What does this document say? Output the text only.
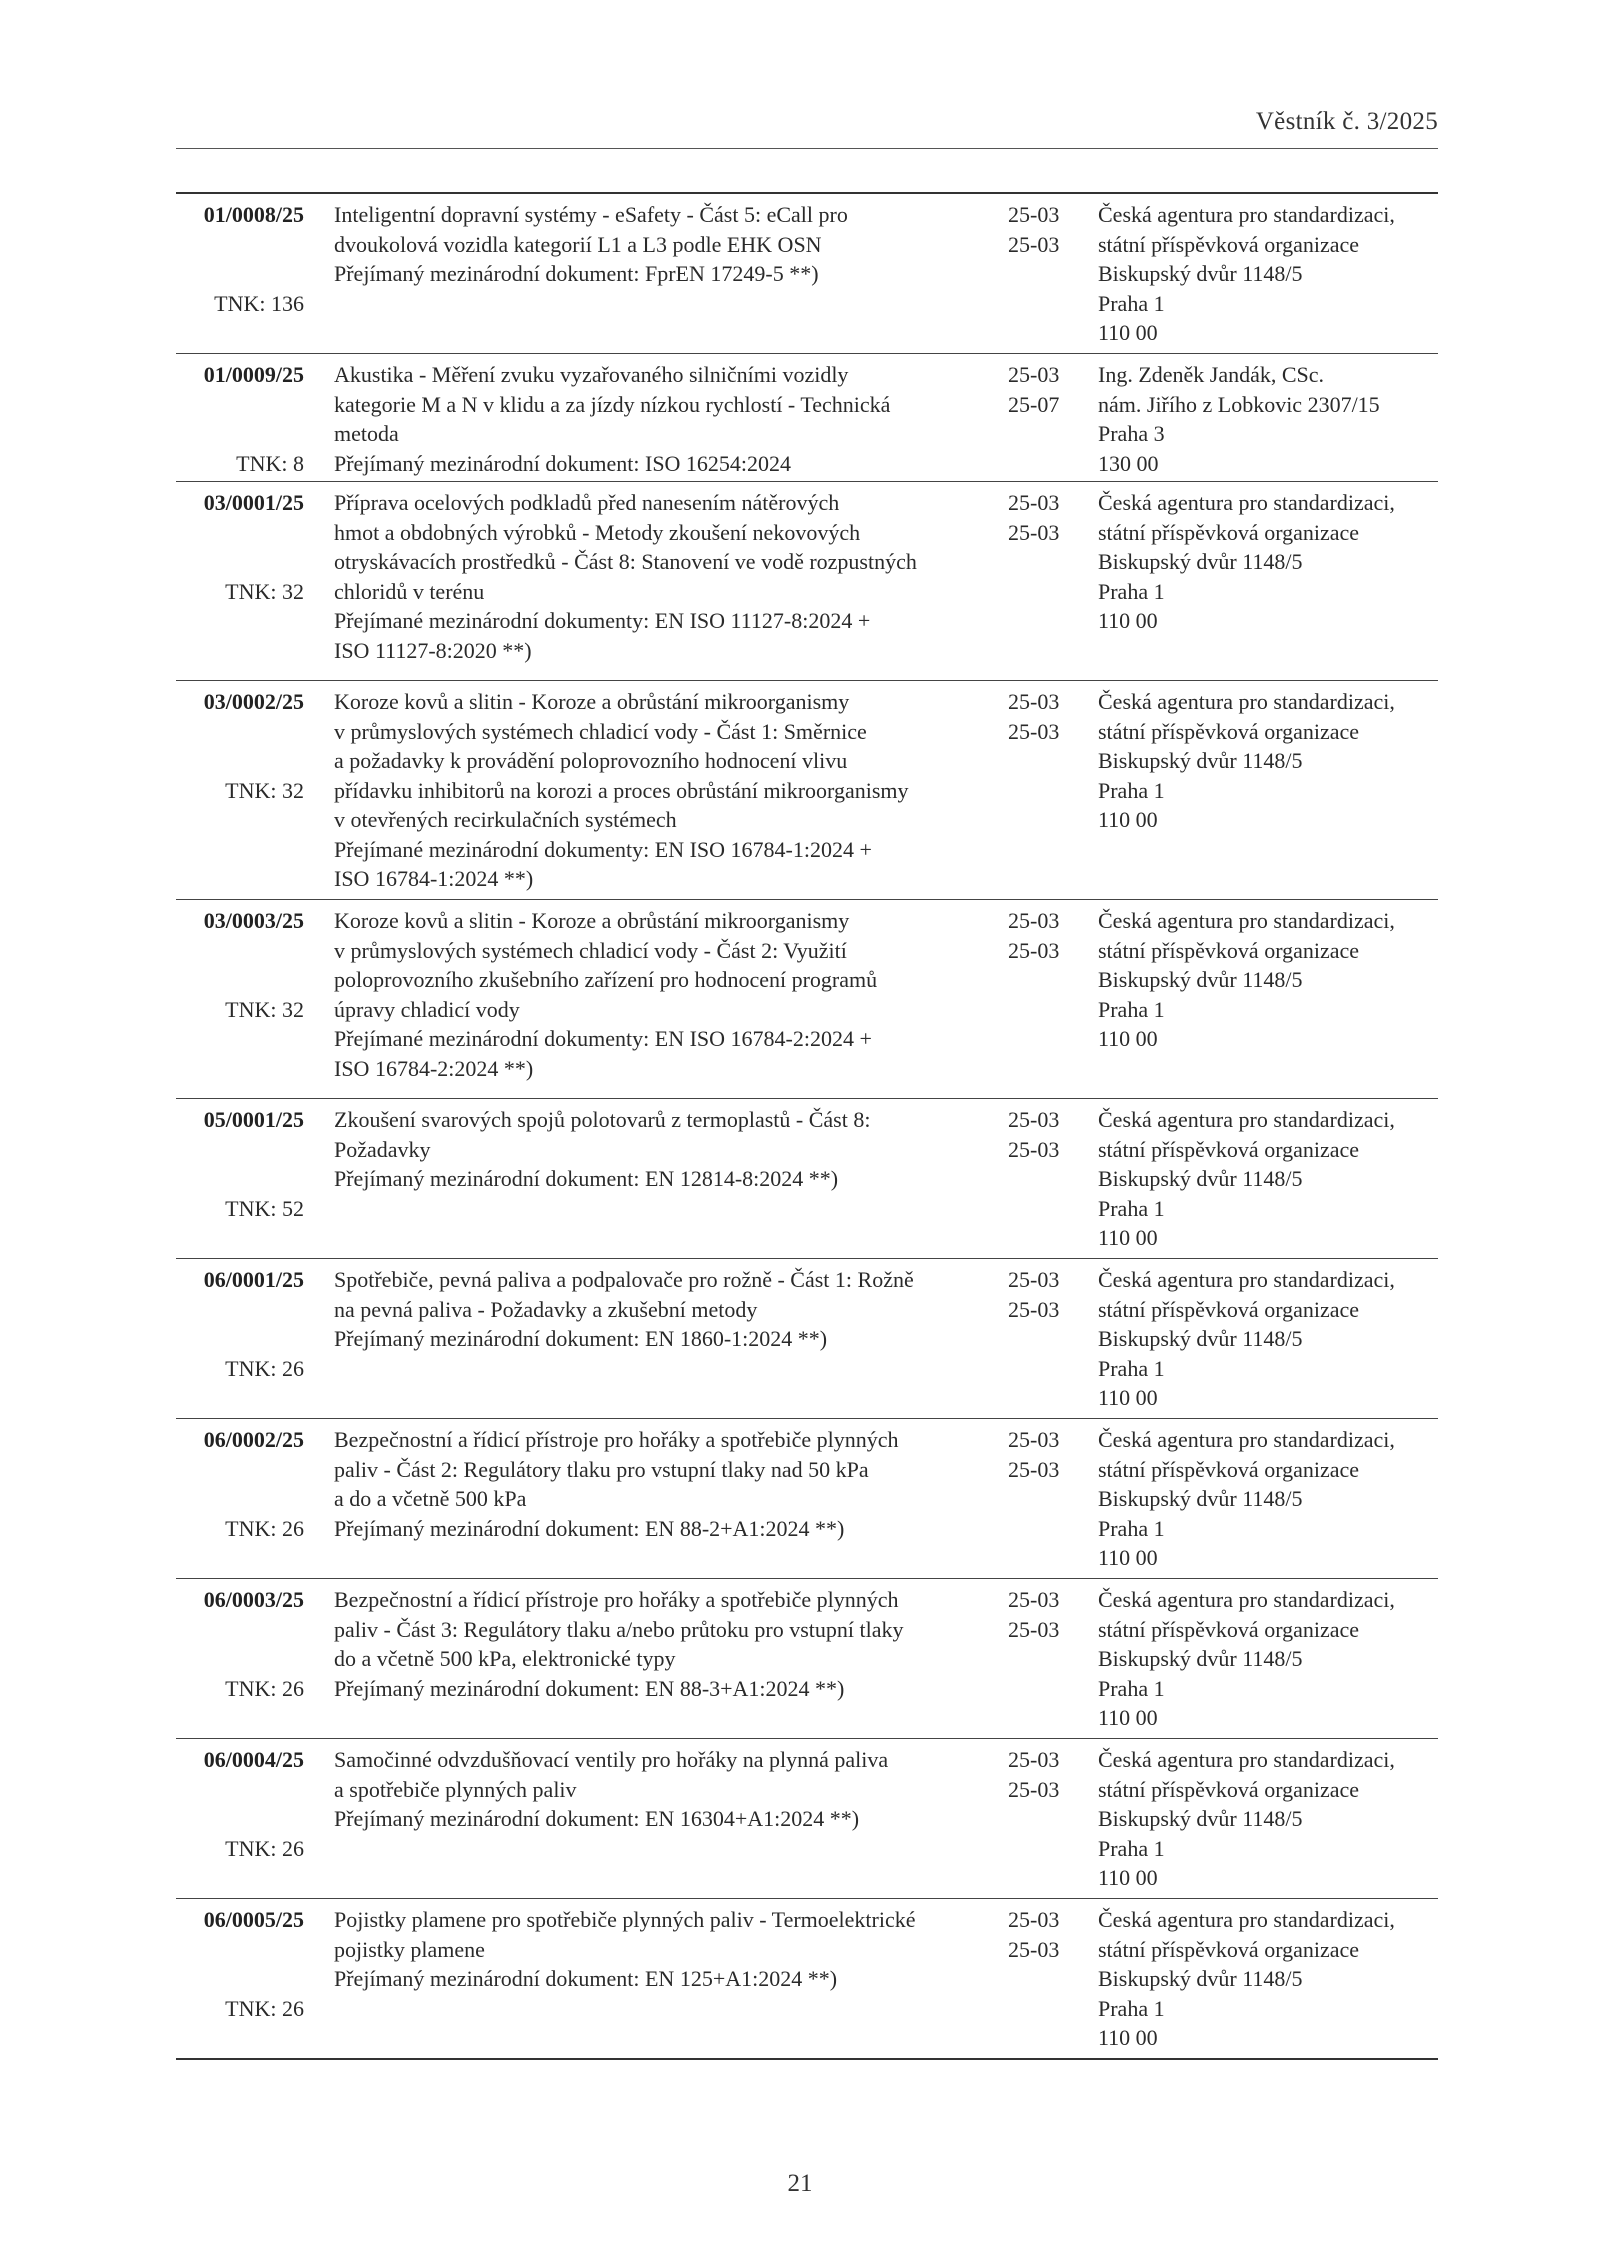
Věstník č. 3/2025
01/0008/25
TNK: 136
Inteligentní dopravní systémy - eSafety - Část 5: eCall pro
dvoukolová vozidla kategorií L1 a L3 podle EHK OSN
Přejímaný mezinárodní dokument: FprEN 17249-5 **)
25-03
25-03
Česká agentura pro standardizaci,
státní příspěvková organizace
Biskupský dvůr 1148/5
Praha 1
110 00
01/0009/25
TNK: 8
Akustika - Měření zvuku vyzařovaného silničními vozidly
kategorie M a N v klidu a za jízdy nízkou rychlostí - Technická
metoda
Přejímaný mezinárodní dokument: ISO 16254:2024
25-03
25-07
Ing. Zdeněk Jandák, CSc.
nám. Jiřího z Lobkovic 2307/15
Praha 3
130 00
03/0001/25
TNK: 32
Příprava ocelových podkladů před nanesením nátěrových
hmot a obdobných výrobků - Metody zkoušení nekovových
otryskávacích prostředků - Část 8: Stanovení ve vodě rozpustných
chloridů v terénu
Přejímané mezinárodní dokumenty: EN ISO 11127-8:2024 +
ISO 11127-8:2020 **)
25-03
25-03
Česká agentura pro standardizaci,
státní příspěvková organizace
Biskupský dvůr 1148/5
Praha 1
110 00
03/0002/25
TNK: 32
Koroze kovů a slitin - Koroze a obrůstání mikroorganismy
v průmyslových systémech chladicí vody - Část 1: Směrnice
a požadavky k provádění poloprovozního hodnocení vlivu
přídavku inhibitorů na korozi a proces obrůstání mikroorganismy
v otevřených recirkulačních systémech
Přejímané mezinárodní dokumenty: EN ISO 16784-1:2024 +
ISO 16784-1:2024 **)
25-03
25-03
Česká agentura pro standardizaci,
státní příspěvková organizace
Biskupský dvůr 1148/5
Praha 1
110 00
03/0003/25
TNK: 32
Koroze kovů a slitin - Koroze a obrůstání mikroorganismy
v průmyslových systémech chladicí vody - Část 2: Využití
poloprovozního zkušebního zařízení pro hodnocení programů
úpravy chladicí vody
Přejímané mezinárodní dokumenty: EN ISO 16784-2:2024 +
ISO 16784-2:2024 **)
25-03
25-03
Česká agentura pro standardizaci,
státní příspěvková organizace
Biskupský dvůr 1148/5
Praha 1
110 00
05/0001/25
TNK: 52
Zkoušení svarových spojů polotovarů z termoplastů - Část 8:
Požadavky
Přejímaný mezinárodní dokument: EN 12814-8:2024 **)
25-03
25-03
Česká agentura pro standardizaci,
státní příspěvková organizace
Biskupský dvůr 1148/5
Praha 1
110 00
06/0001/25
TNK: 26
Spotřebiče, pevná paliva a podpalovače pro rožně - Část 1: Rožně
na pevná paliva - Požadavky a zkušební metody
Přejímaný mezinárodní dokument: EN 1860-1:2024 **)
25-03
25-03
Česká agentura pro standardizaci,
státní příspěvková organizace
Biskupský dvůr 1148/5
Praha 1
110 00
06/0002/25
TNK: 26
Bezpečnostní a řídicí přístroje pro hořáky a spotřebiče plynných
paliv - Část 2: Regulátory tlaku pro vstupní tlaky nad 50 kPa
a do a včetně 500 kPa
Přejímaný mezinárodní dokument: EN 88-2+A1:2024 **)
25-03
25-03
Česká agentura pro standardizaci,
státní příspěvková organizace
Biskupský dvůr 1148/5
Praha 1
110 00
06/0003/25
TNK: 26
Bezpečnostní a řídicí přístroje pro hořáky a spotřebiče plynných
paliv - Část 3: Regulátory tlaku a/nebo průtoku pro vstupní tlaky
do a včetně 500 kPa, elektronické typy
Přejímaný mezinárodní dokument: EN 88-3+A1:2024 **)
25-03
25-03
Česká agentura pro standardizaci,
státní příspěvková organizace
Biskupský dvůr 1148/5
Praha 1
110 00
06/0004/25
TNK: 26
Samočinné odvzdušňovací ventily pro hořáky na plynná paliva
a spotřebiče plynných paliv
Přejímaný mezinárodní dokument: EN 16304+A1:2024 **)
25-03
25-03
Česká agentura pro standardizaci,
státní příspěvková organizace
Biskupský dvůr 1148/5
Praha 1
110 00
06/0005/25
TNK: 26
Pojistky plamene pro spotřebiče plynných paliv - Termoelektrické
pojistky plamene
Přejímaný mezinárodní dokument: EN 125+A1:2024 **)
25-03
25-03
Česká agentura pro standardizaci,
státní příspěvková organizace
Biskupský dvůr 1148/5
Praha 1
110 00
21
